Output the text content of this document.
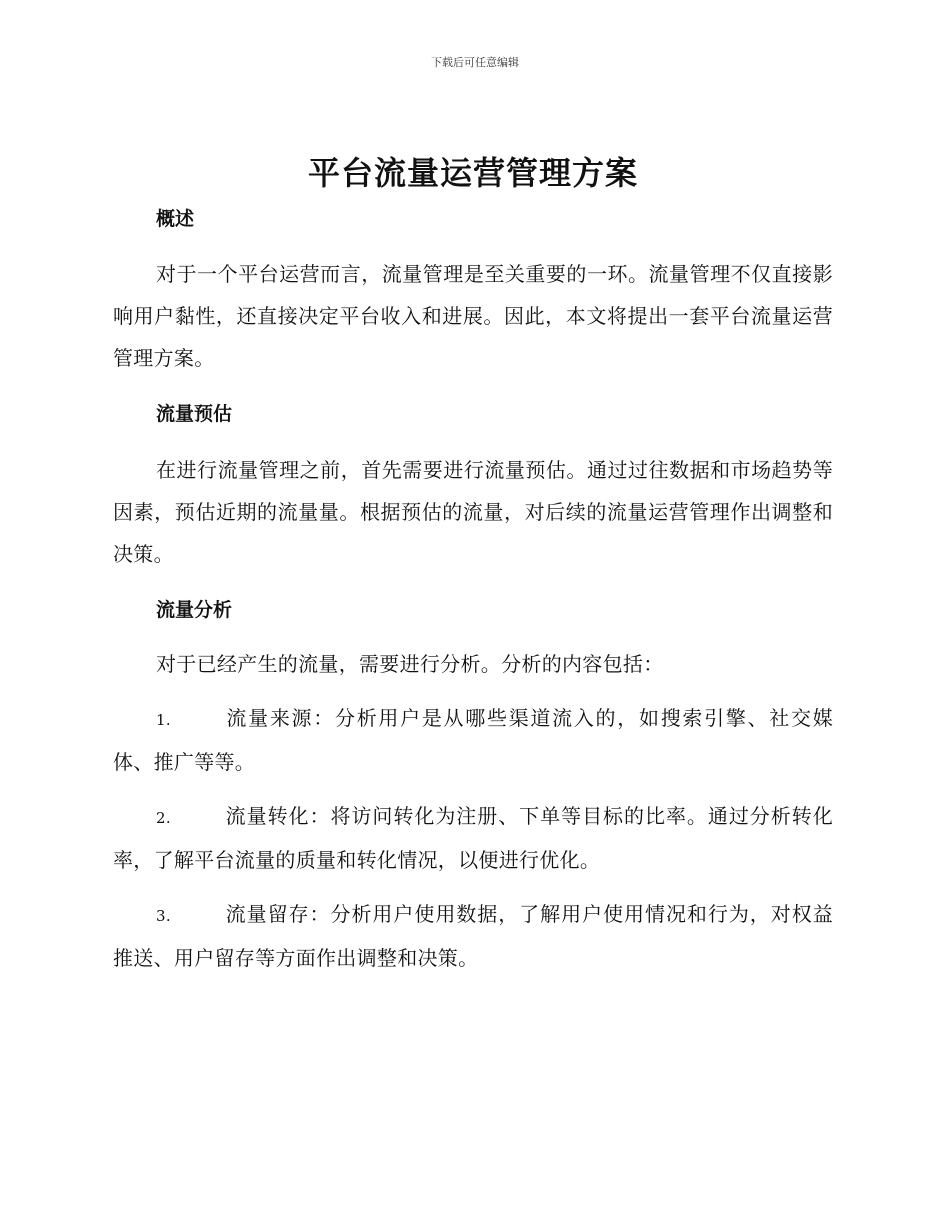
下载后可任意编辑
平台流量运营管理方案
概述

对于一个平台运营而言，流量管理是至关重要的一环。流量管理不仅直接影响用户黏性，还直接决定平台收入和进展。因此，本文将提出一套平台流量运营管理方案。

流量预估

在进行流量管理之前，首先需要进行流量预估。通过过往数据和市场趋势等因素，预估近期的流量量。根据预估的流量，对后续的流量运营管理作出调整和决策。

流量分析

对于已经产生的流量，需要进行分析。分析的内容包括：

1.	流量来源：分析用户是从哪些渠道流入的，如搜索引擎、社交媒体、推广等等。

2.	流量转化：将访问转化为注册、下单等目标的比率。通过分析转化率，了解平台流量的质量和转化情况，以便进行优化。

3.	流量留存：分析用户使用数据，了解用户使用情况和行为，对权益推送、用户留存等方面作出调整和决策。
